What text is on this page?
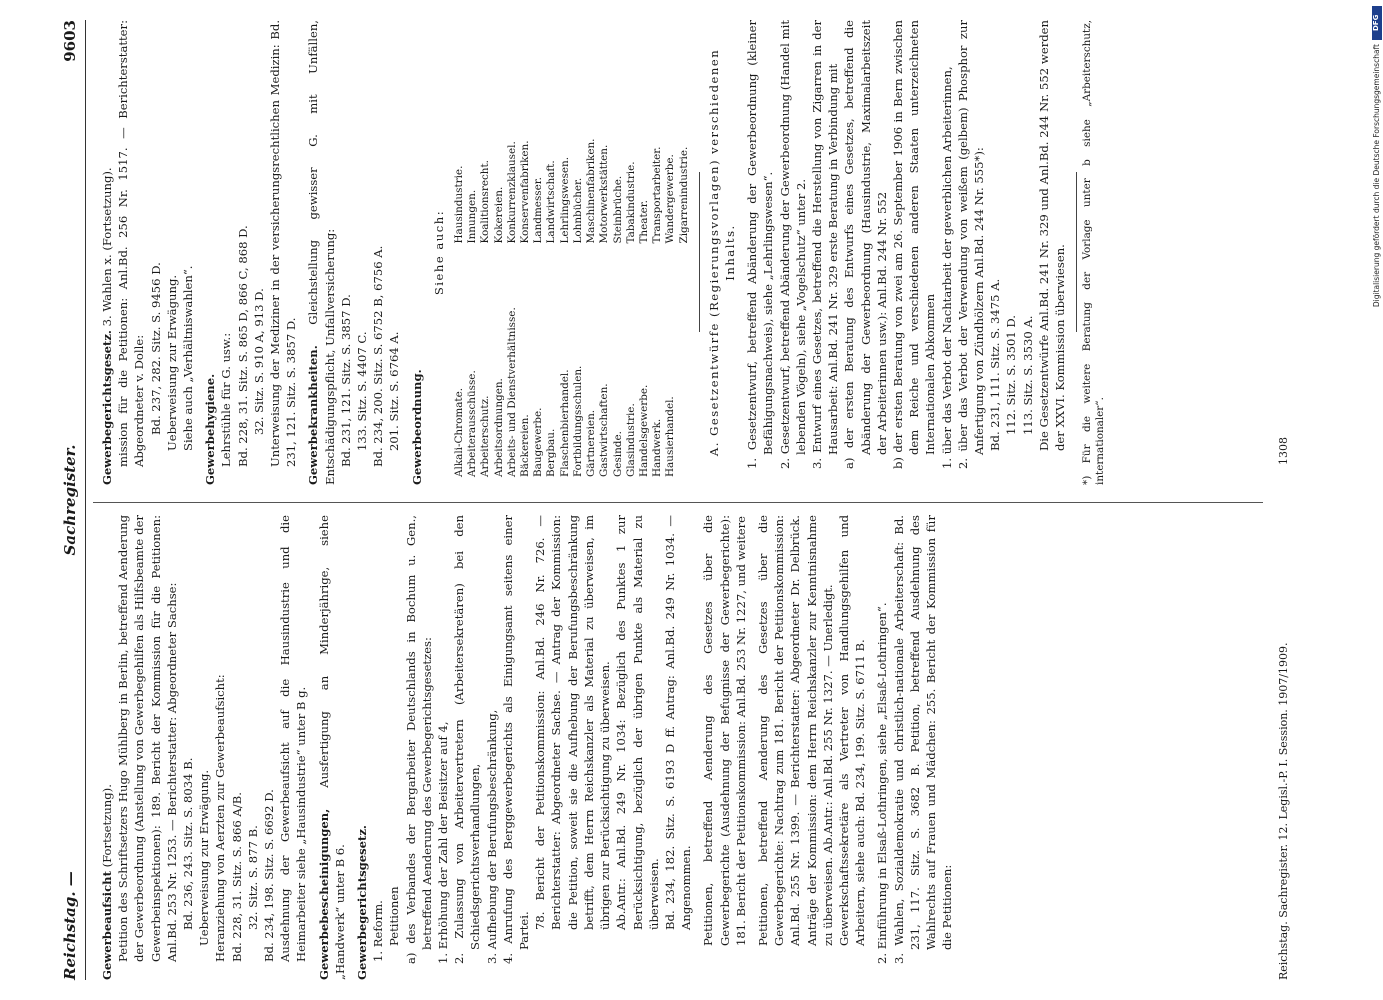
Reichstag. —
Sachregister.
9603

Gewerbeaufsicht (Fortsetzung). Petition des Schriftsetzers Hugo Mühlberg in Berlin, betreffend Aenderung der Gewerbeordnung (Anstellung von Gewerbegehilfen als Hilfsbeamte der Gewerbeinspektionen): 189. Bericht der Kommission für die Petitionen: Anl.Bd. 253 Nr. 1253. — Berichterstatter: Abgeordneter Sachse: Bd. 236, 243. Sitz. S. 8034 B. Ueberweisung zur Erwägung. Heranziehung von Aerzten zur Gewerbeaufsicht: Bd. 228, 31. Sitz. S. 866 A/B. 32. Sitz. S. 877 B. Bd. 234, 198. Sitz. S. 6692 D. Ausdehnung der Gewerbeaufsicht auf die Hausindustrie und die Heimarbeiter siehe „Hausindustrie“ unter B g. Gewerbebescheinigungen, Ausfertigung an Minderjährige, siehe „Handwerk“ unter B 6. Gewerbegerichtsgesetz. 1. Reform. Petitionen a) des Verbandes der Bergarbeiter Deutschlands in Bochum u. Gen., betreffend Aenderung des Gewerbegerichtsgesetzes: 1. Erhöhung der Zahl der Beisitzer auf 4, 2. Zulassung von Arbeitervertretern (Arbeitersekretären) bei den Schiedsgerichtsverhandlungen, 3. Aufhebung der Berufungsbeschränkung, 4. Anrufung des Berggewerbegerichts als Einigungsamt seitens einer Partei.

78. Bericht der Petitionskommission: Anl.Bd. 246 Nr. 726. — Berichterstatter: Abgeordneter Sachse. — Antrag der Kommission: die Petition, soweit sie die Aufhebung der Berufungsbeschränkung betrifft, dem Herrn Reichskanzler als Material zu überweisen, im übrigen zur Berücksichtigung zu überweisen. Ab.Antr.: Anl.Bd. 249 Nr. 1034: Bezüglich des Punktes 1 zur Berücksichtigung, bezüglich der übrigen Punkte als Material zu überweisen. Bd. 234, 182. Sitz. S. 6193 D ff. Antrag: Anl.Bd. 249 Nr. 1034. — Angenommen. Petitionen, betreffend Aenderung des Gesetzes über die Gewerbegerichte (Ausdehnung der Befugnisse der Gewerbegerichte): 181. Bericht der Petitionskommission: Anl.Bd. 253 Nr. 1227, und weitere Petitionen, betreffend Aenderung des Gesetzes über die Gewerbegerichte: Nachtrag zum 181. Bericht der Petitionskommission: Anl.Bd. 255 Nr. 1399. — Berichterstatter: Abgeordneter Dr. Delbrück. Anträge der Kommission: dem Herrn Reichskanzler zur Kenntnisnahme zu überweisen. Ab.Antr.: Anl.Bd. 255 Nr. 1327. — Unerledigt. Gewerkschaftssekretäre als Vertreter von Handlungsgehilfen und Arbeitern, siehe auch: Bd. 234, 199. Sitz. S. 6711 B. 2. Einführung in Elsaß-Lothringen, siehe „Elsaß-Lothringen“. 3. Wahlen, Sozialdemokratie und christlich-nationale Arbeiterschaft: Bd. 231, 117. Sitz. S. 3682 B. Petition, betreffend Ausdehnung des Wahlrechts auf Frauen und Mädchen: 255. Bericht der Kommission für die Petitionen:

Gewerbegerichtsgesetz. 3. Wahlen x. (Fortsetzung). mission für die Petitionen: Anl.Bd. 256 Nr. 1517. — Berichterstatter: Abgeordneter v. Dolle: Bd. 237, 282. Sitz. S. 9456 D. Ueberweisung zur Erwägung. Siehe auch „Verhältniswahlen“. Gewerbehygiene. Lehrstühle für G. usw.: Bd. 228, 31. Sitz. S. 865 D, 866 C, 868 D. 32. Sitz. S. 910 A, 913 D. Unterweisung der Mediziner in der versicherungsrechtlichen Medizin: Bd. 231, 121. Sitz. S. 3857 D. Gewerbekrankheiten. Gleichstellung gewisser G. mit Unfällen, Entschädigungspflicht, Unfallversicherung: Bd. 231, 121. Sitz. S. 3857 D. 133. Sitz. S. 4407 C. Bd. 234, 200. Sitz. S. 6752 B, 6756 A. 201. Sitz. S. 6764 A. Gewerbeordnung.

Siehe auch:

Alkali-Chromate. Arbeiterausschüsse. Arbeiterschutz. Arbeitsordnungen. Arbeits- und Dienstverhältnisse. Bäckereien. Baugewerbe. Bergbau. Flaschenbierhandel. Fortbildungsschulen. Gärtnereien. Gastwirtschaften. Gesinde. Glasindustrie. Handelsgewerbe. Handwerk. Hausierhandel.
Hausindustrie. Innungen. Koalitionsrecht. Kokereien. Konkurrenzklausel. Konservenfabriken. Landmesser. Landwirtschaft. Lehrlingswesen. Lohnbücher. Maschinenfabriken. Motorwerkstätten. Steinbrüche. Tabakindustrie. Theater. Transportarbeiter. Wandergewerbe. Zigarrenindustrie. A. Gesetzentwürfe (Regierungsvorlagen) verschiedenen Inhalts. 1. Gesetzentwurf, betreffend Abänderung der Gewerbeordnung (kleiner Befähigungsnachweis), siehe „Lehrlingswesen“. 2. Gesetzentwurf, betreffend Abänderung der Gewerbeordnung (Handel mit lebenden Vögeln), siehe „Vogelschutz“ unter 2. 3. Entwurf eines Gesetzes, betreffend die Herstellung von Zigarren in der Hausarbeit: Anl.Bd. 241 Nr. 329 erste Beratung in Verbindung mit a) der ersten Beratung des Entwurfs eines Gesetzes, betreffend die Abänderung der Gewerbeordnung (Hausindustrie, Maximalarbeitszeit der Arbeiterinnen usw.): Anl.Bd. 244 Nr. 552 b) der ersten Beratung von zwei am 26. September 1906 in Bern zwischen dem Reiche und verschiedenen anderen Staaten unterzeichneten Internationalen Abkommen 1. über das Verbot der Nachtarbeit der gewerblichen Arbeiterinnen, 2. über das Verbot der Verwendung von weißem (gelbem) Phosphor zur Anfertigung von Zündhölzern Anl.Bd. 244 Nr. 555*): Bd. 231, 111. Sitz. S. 3475 A. 112. Sitz. S. 3501 D. 113. Sitz. S. 3530 A. Die Gesetzentwürfe Anl.Bd. 241 Nr. 329 und Anl.Bd. 244 Nr. 552 werden der XXVI. Kommission überwiesen. *) Für die weitere Beratung der Vorlage unter b siehe „Arbeiterschutz, internationaler“.

Reichstag. Sachregister. 12. Legisl.-P. I. Session. 1907/1909.
1308
DFG
Digitalisierung gefördert durch die Deutsche Forschungsgemeinschaft
